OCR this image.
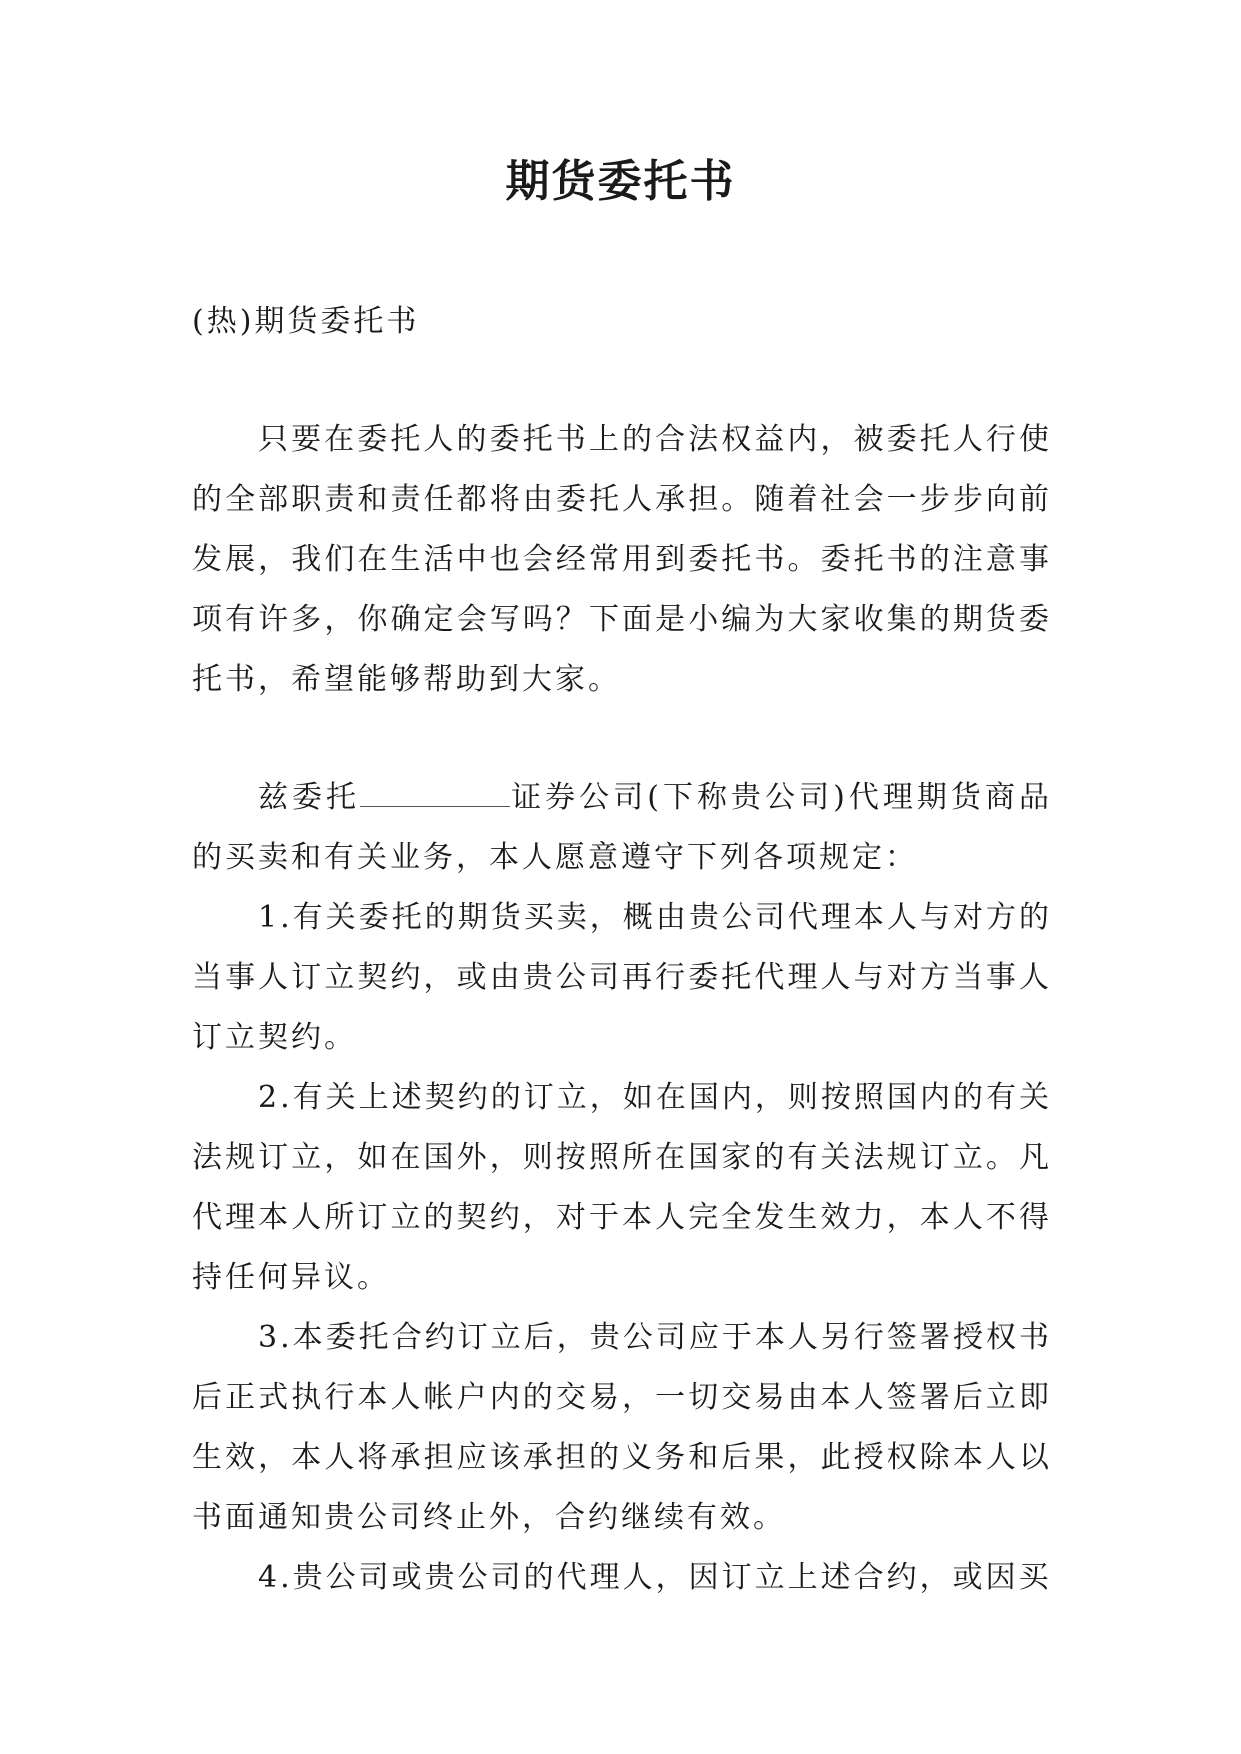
期货委托书

(热)期货委托书

只要在委托人的委托书上的合法权益内，被委托人行使的全部职责和责任都将由委托人承担。随着社会一步步向前发展，我们在生活中也会经常用到委托书。委托书的注意事项有许多，你确定会写吗？下面是小编为大家收集的期货委托书，希望能够帮助到大家。

兹委托	证券公司(下称贵公司)代理期货商品的买卖和有关业务，本人愿意遵守下列各项规定：

1.有关委托的期货买卖，概由贵公司代理本人与对方的当事人订立契约，或由贵公司再行委托代理人与对方当事人订立契约。

2.有关上述契约的订立，如在国内，则按照国内的有关法规订立，如在国外，则按照所在国家的有关法规订立。凡代理本人所订立的契约，对于本人完全发生效力，本人不得持任何异议。

3.本委托合约订立后，贵公司应于本人另行签署授权书后正式执行本人帐户内的交易，一切交易由本人签署后立即生效，本人将承担应该承担的义务和后果，此授权除本人以书面通知贵公司终止外，合约继续有效。

4.贵公司或贵公司的代理人，因订立上述合约，或因买
